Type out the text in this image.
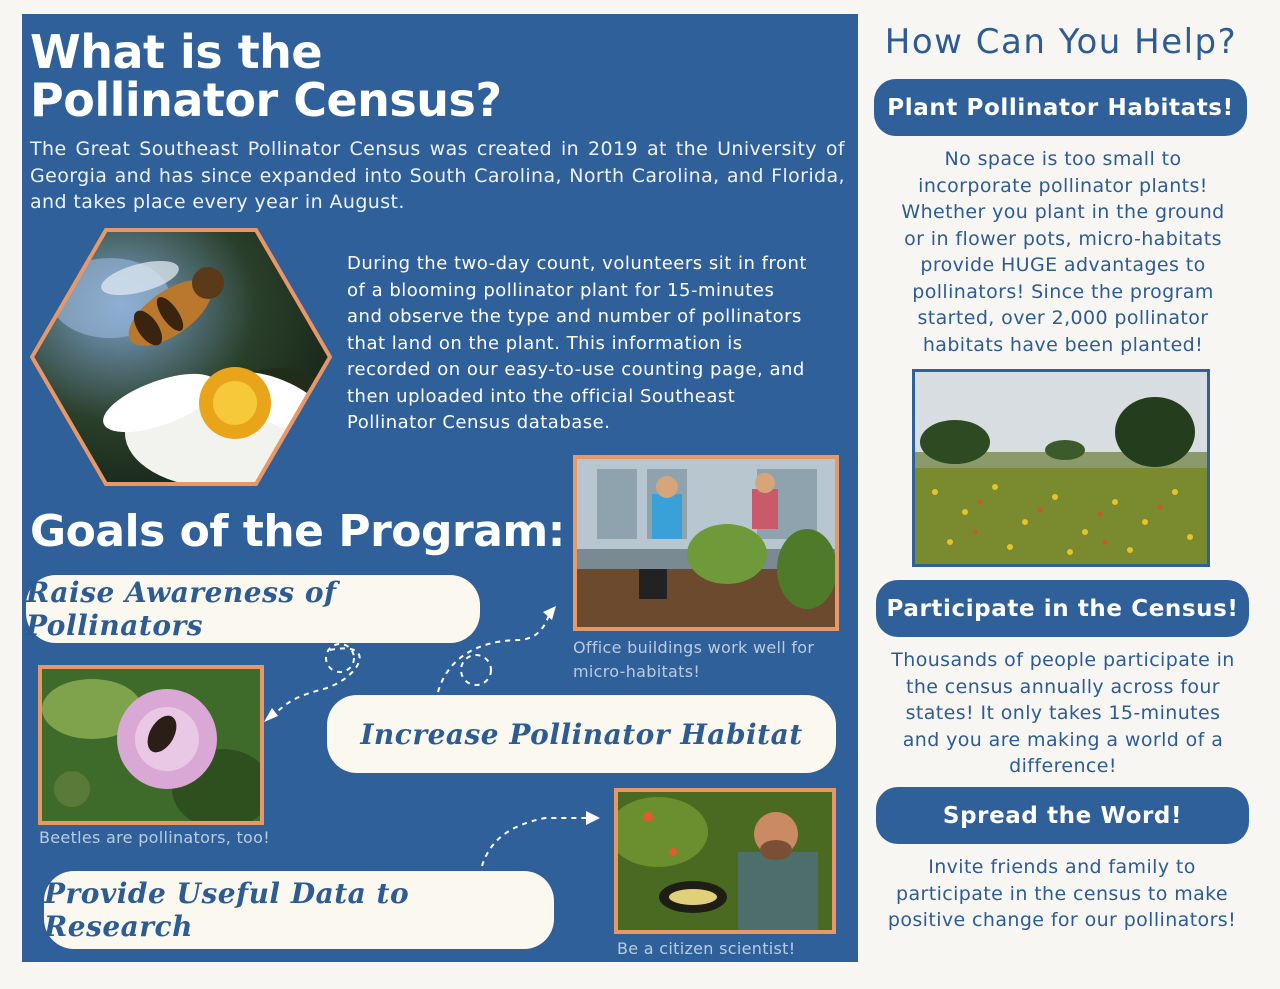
What is the
Pollinator Census?

The Great Southeast Pollinator Census was created in 2019 at the University of Georgia and has since expanded into South Carolina, North Carolina, and Florida, and takes place every year in August.

During the two-day count, volunteers sit in front of a blooming pollinator plant for 15-minutes and observe the type and number of pollinators that land on the plant. This information is recorded on our easy-to-use counting page, and then uploaded into the official Southeast Pollinator Census database.

Goals of the Program:
Office buildings work well for micro-habitats!
Raise Awareness of Pollinators
Beetles are pollinators, too!
Increase Pollinator Habitat
Be a citizen scientist!
Provide Useful Data to Research
How Can You Help?
Plant Pollinator Habitats!

No space is too small to incorporate pollinator plants! Whether you plant in the ground or in flower pots, micro-habitats provide HUGE advantages to pollinators! Since the program started, over 2,000 pollinator habitats have been planted!

Participate in the Census!

Thousands of people participate in the census annually across four states! It only takes 15-minutes and you are making a world of a difference!

Spread the Word!

Invite friends and family to participate in the census to make positive change for our pollinators!
